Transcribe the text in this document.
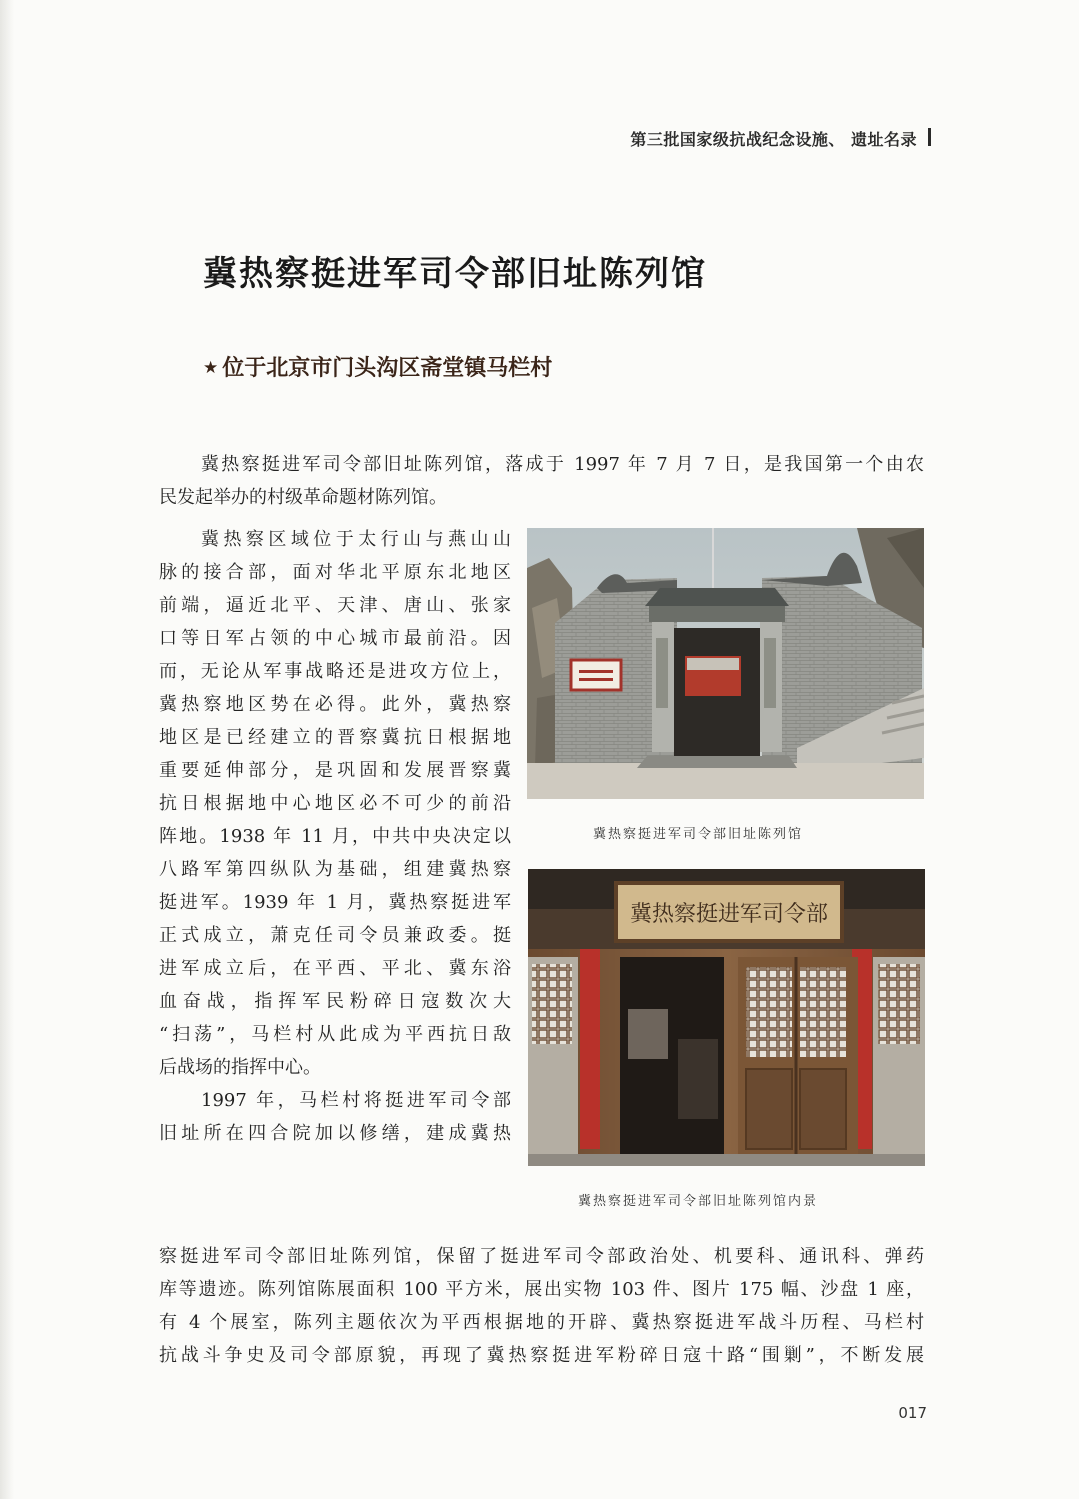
第三批国家级抗战纪念设施、 遗址名录
冀热察挺进军司令部旧址陈列馆
★ 位于北京市门头沟区斋堂镇马栏村
冀热察挺进军司令部旧址陈列馆，落成于 1997 年 7 月 7 日，是我国第一个由农
民发起举办的村级革命题材陈列馆。
冀热察区域位于太行山与燕山山
脉的接合部，面对华北平原东北地区
前端，逼近北平、天津、唐山、张家
口等日军占领的中心城市最前沿。因
而，无论从军事战略还是进攻方位上，
冀热察地区势在必得。此外，冀热察
地区是已经建立的晋察冀抗日根据地
重要延伸部分，是巩固和发展晋察冀
抗日根据地中心地区必不可少的前沿
阵地。1938 年 11 月，中共中央决定以
八路军第四纵队为基础，组建冀热察
挺进军。1939 年 1 月，冀热察挺进军
正式成立，萧克任司令员兼政委。挺
进军成立后，在平西、平北、冀东浴
血奋战，指挥军民粉碎日寇数次大
“扫荡”，马栏村从此成为平西抗日敌
后战场的指挥中心。
1997 年，马栏村将挺进军司令部
旧址所在四合院加以修缮，建成冀热
冀热察挺进军司令部旧址陈列馆
冀热察挺进军司令部
冀热察挺进军司令部旧址陈列馆内景
察挺进军司令部旧址陈列馆，保留了挺进军司令部政治处、机要科、通讯科、弹药
库等遗迹。陈列馆陈展面积 100 平方米，展出实物 103 件、图片 175 幅、沙盘 1 座，
有 4 个展室，陈列主题依次为平西根据地的开辟、冀热察挺进军战斗历程、马栏村
抗战斗争史及司令部原貌，再现了冀热察挺进军粉碎日寇十路“围剿”，不断发展
017
